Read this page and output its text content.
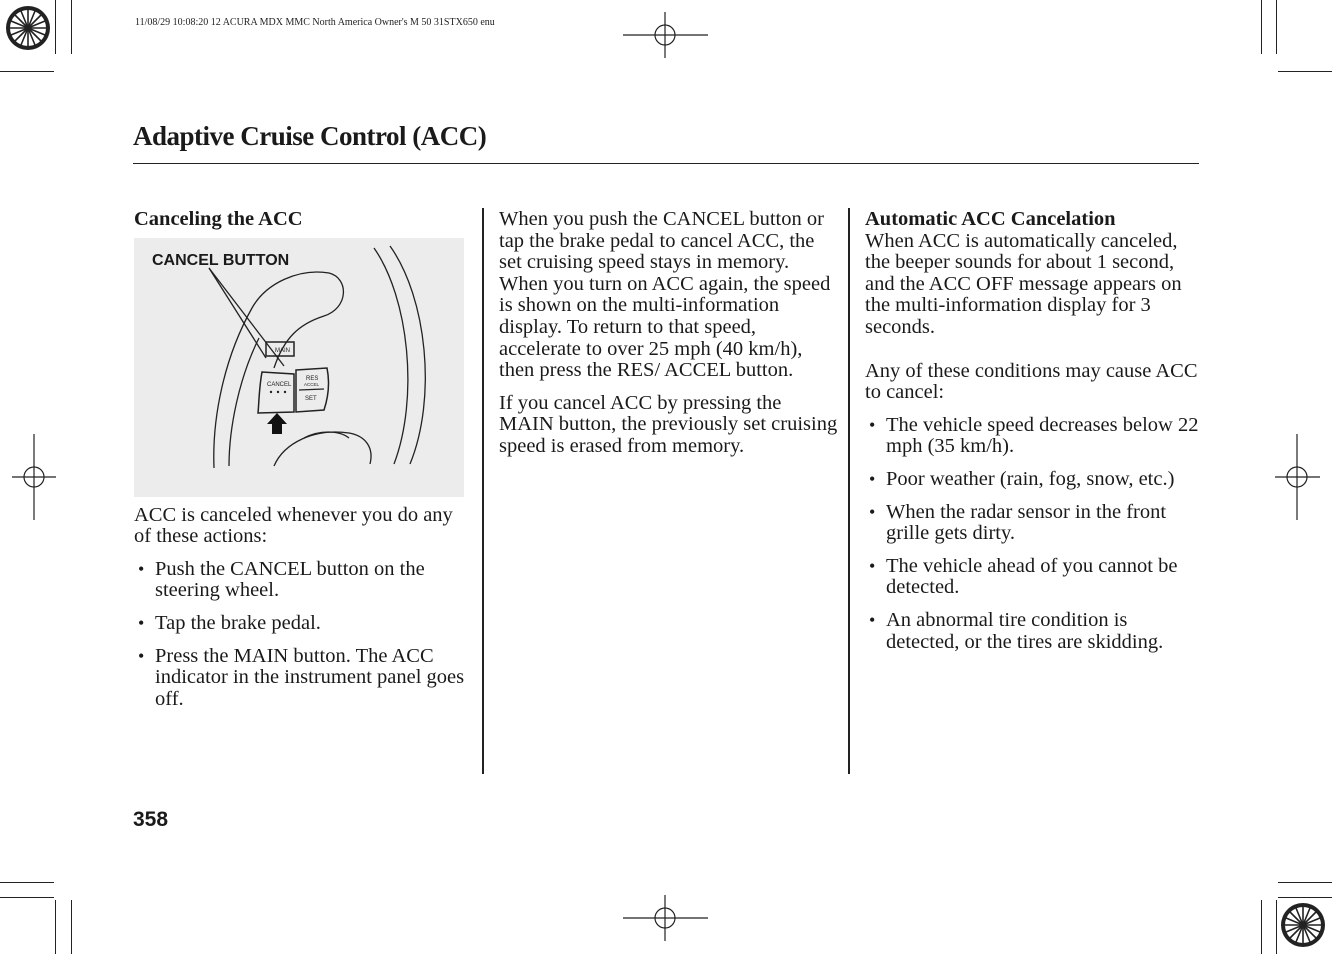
11/08/29 10:08:20 12 ACURA MDX MMC North America Owner's M 50 31STX650 enu
Adaptive Cruise Control (ACC)
Canceling the ACC
MAIN
CANCEL
RES
ACCEL
SET
CANCEL BUTTON

ACC is canceled whenever you do any of these actions:

• Push the CANCEL button on the steering wheel.
• Tap the brake pedal.
• Press the MAIN button. The ACC indicator in the instrument panel goes off.

When you push the CANCEL button or tap the brake pedal to cancel ACC, the set cruising speed stays in memory. When you turn on ACC again, the speed is shown on the multi-information display. To return to that speed, accelerate to over 25 mph (40 km/h), then press the RES/ ACCEL button.

If you cancel ACC by pressing the MAIN button, the previously set cruising speed is erased from memory.

Automatic ACC Cancelation

When ACC is automatically canceled, the beeper sounds for about 1 second, and the ACC OFF message appears on the multi-information display for 3 seconds.

Any of these conditions may cause ACC to cancel:

• The vehicle speed decreases below 22 mph (35 km/h).
• Poor weather (rain, fog, snow, etc.)
• When the radar sensor in the front grille gets dirty.
• The vehicle ahead of you cannot be detected.
• An abnormal tire condition is detected, or the tires are skidding.
358
